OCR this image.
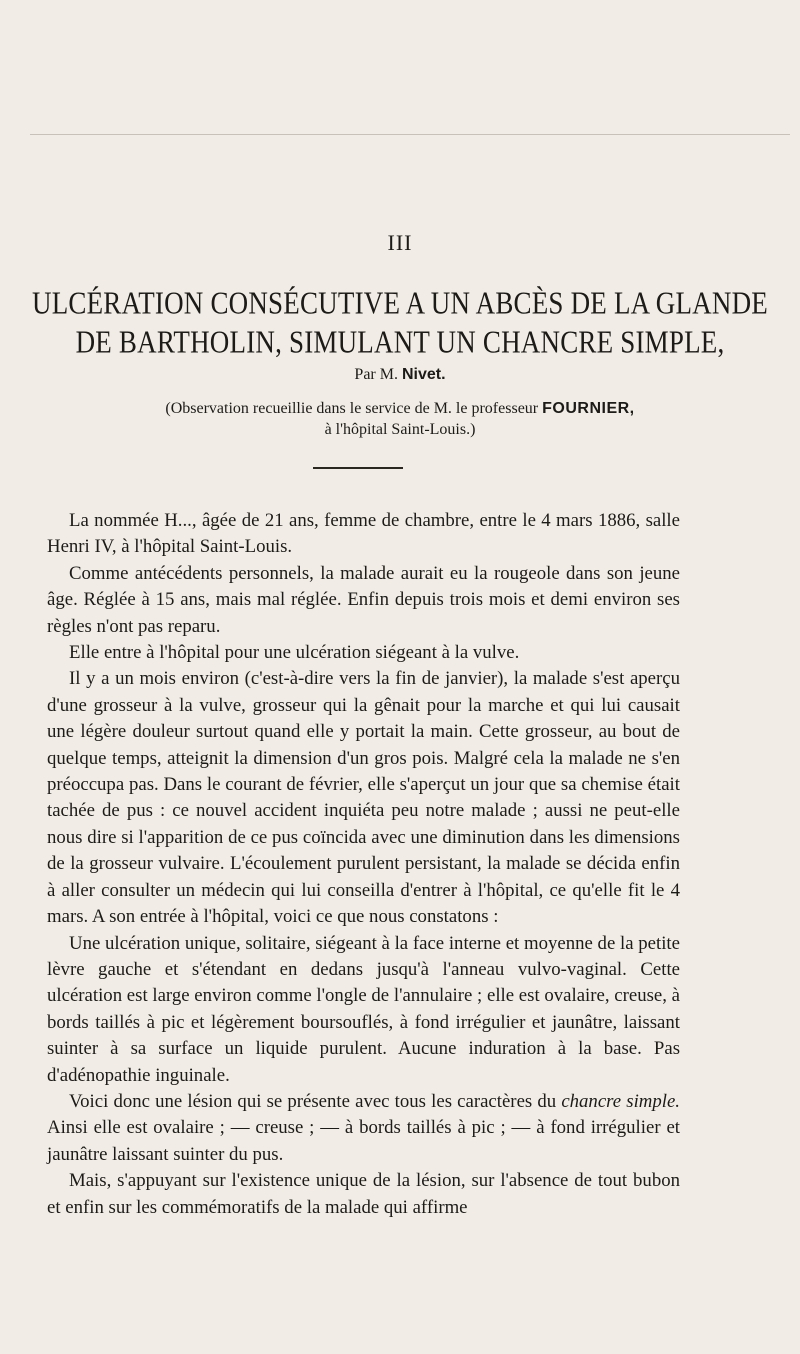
III
ULCÉRATION CONSÉCUTIVE A UN ABCÈS DE LA GLANDE
DE BARTHOLIN, SIMULANT UN CHANCRE SIMPLE,
Par M. Nivet.
(Observation recueillie dans le service de M. le professeur FOURNIER,
à l'hôpital Saint-Louis.)

La nommée H..., âgée de 21 ans, femme de chambre, entre le 4 mars 1886, salle Henri IV, à l'hôpital Saint-Louis.

Comme antécédents personnels, la malade aurait eu la rougeole dans son jeune âge. Réglée à 15 ans, mais mal réglée. Enfin depuis trois mois et demi environ ses règles n'ont pas reparu.

Elle entre à l'hôpital pour une ulcération siégeant à la vulve.

Il y a un mois environ (c'est-à-dire vers la fin de janvier), la malade s'est aperçu d'une grosseur à la vulve, grosseur qui la gênait pour la marche et qui lui causait une légère douleur surtout quand elle y portait la main. Cette grosseur, au bout de quelque temps, atteignit la dimension d'un gros pois. Malgré cela la malade ne s'en préoccupa pas. Dans le courant de février, elle s'aperçut un jour que sa chemise était tachée de pus : ce nouvel accident inquiéta peu notre malade ; aussi ne peut-elle nous dire si l'apparition de ce pus coïncida avec une diminution dans les dimensions de la grosseur vulvaire. L'écoulement purulent persistant, la malade se décida enfin à aller consulter un médecin qui lui conseilla d'entrer à l'hôpital, ce qu'elle fit le 4 mars. A son entrée à l'hôpital, voici ce que nous constatons :

Une ulcération unique, solitaire, siégeant à la face interne et moyenne de la petite lèvre gauche et s'étendant en dedans jusqu'à l'anneau vulvo-vaginal. Cette ulcération est large environ comme l'ongle de l'annulaire ; elle est ovalaire, creuse, à bords taillés à pic et légèrement boursouflés, à fond irrégulier et jaunâtre, laissant suinter à sa surface un liquide purulent. Aucune induration à la base. Pas d'adénopathie inguinale.

Voici donc une lésion qui se présente avec tous les caractères du chancre simple. Ainsi elle est ovalaire ; — creuse ; — à bords taillés à pic ; — à fond irrégulier et jaunâtre laissant suinter du pus.

Mais, s'appuyant sur l'existence unique de la lésion, sur l'absence de tout bubon et enfin sur les commémoratifs de la malade qui affirme
